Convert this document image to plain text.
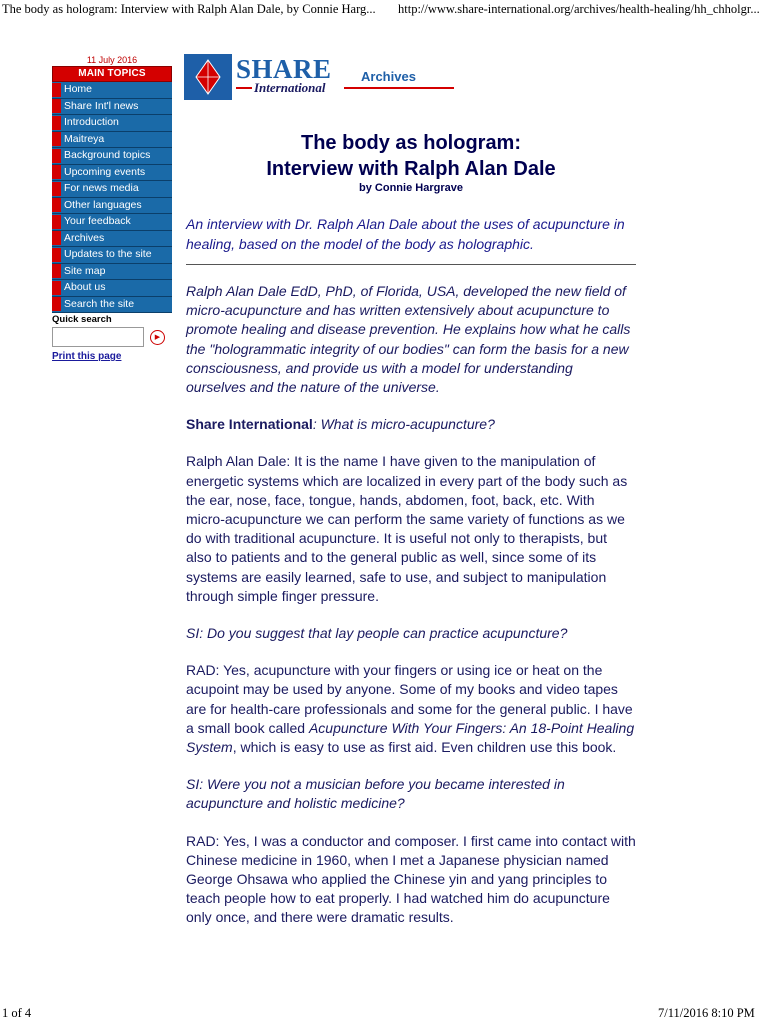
The body as hologram: Interview with Ralph Alan Dale, by Connie Harg... http://www.share-international.org/archives/health-healing/hh_chholgr...
11 July 2016
MAIN TOPICS
Home
Share Int'l news
Introduction
Maitreya
Background topics
Upcoming events
For news media
Other languages
Your feedback
Archives
Updates to the site
Site map
About us
Search the site
Quick search
▶
Print this page
SHARE
International
Archives
The body as hologram:
Interview with Ralph Alan Dale
by Connie Hargrave
An interview with Dr. Ralph Alan Dale about the uses of acupuncture in healing, based on the model of the body as holographic.

Ralph Alan Dale EdD, PhD, of Florida, USA, developed the new field of micro-acupuncture and has written extensively about acupuncture to promote healing and disease prevention. He explains how what he calls the "hologrammatic integrity of our bodies" can form the basis for a new consciousness, and provide us with a model for understanding ourselves and the nature of the universe.

Share International: What is micro-acupuncture?

Ralph Alan Dale: It is the name I have given to the manipulation of energetic systems which are localized in every part of the body such as the ear, nose, face, tongue, hands, abdomen, foot, back, etc. With micro-acupuncture we can perform the same variety of functions as we do with traditional acupuncture. It is useful not only to therapists, but also to patients and to the general public as well, since some of its systems are easily learned, safe to use, and subject to manipulation through simple finger pressure.

SI: Do you suggest that lay people can practice acupuncture?

RAD: Yes, acupuncture with your fingers or using ice or heat on the acupoint may be used by anyone. Some of my books and video tapes are for health-care professionals and some for the general public. I have a small book called Acupuncture With Your Fingers: An 18-Point Healing System, which is easy to use as first aid. Even children use this book.

SI: Were you not a musician before you became interested in acupuncture and holistic medicine?

RAD: Yes, I was a conductor and composer. I first came into contact with Chinese medicine in 1960, when I met a Japanese physician named George Ohsawa who applied the Chinese yin and yang principles to teach people how to eat properly. I had watched him do acupuncture only once, and there were dramatic results.

1 of 4	7/11/2016 8:10 PM
